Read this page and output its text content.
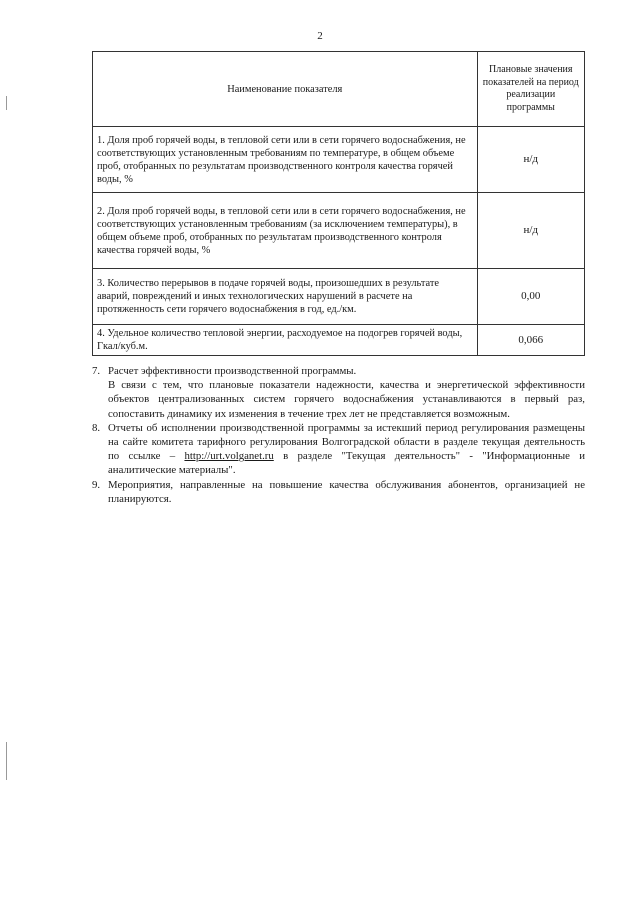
2
Наименование показателя	Плановые значения показателей на период реализации программы
1. Доля проб горячей воды, в тепловой сети или в сети горячего водоснабжения, не соответствующих установленным требованиям по температуре, в общем объеме проб, отобранных по результатам производственного контроля качества горячей воды, %	н/д
2. Доля проб горячей воды, в тепловой сети или в сети горячего водоснабжения, не соответствующих установленным требованиям (за исключением температуры), в общем объеме проб, отобранных по результатам производственного контроля качества горячей воды, %	н/д
3. Количество перерывов в подаче горячей воды, произошедших в результате аварий, повреждений и иных технологических нарушений в расчете на протяженность сети горячего водоснабжения в год, ед./км.	0,00
4. Удельное количество тепловой энергии, расходуемое на подогрев горячей воды, Гкал/куб.м.	0,066
7. Расчет эффективности производственной программы.
В связи с тем, что плановые показатели надежности, качества и энергетической эффективности объектов централизованных систем горячего водоснабжения устанавливаются в первый раз, сопоставить динамику их изменения в течение трех лет не представляется возможным.
8. Отчеты об исполнении производственной программы за истекший период регулирования размещены на сайте комитета тарифного регулирования Волгоградской области в разделе текущая деятельность по ссылке – http://urt.volganet.ru в разделе "Текущая деятельность" - "Информационные и аналитические материалы".
9. Мероприятия, направленные на повышение качества обслуживания абонентов, организацией не планируются.
